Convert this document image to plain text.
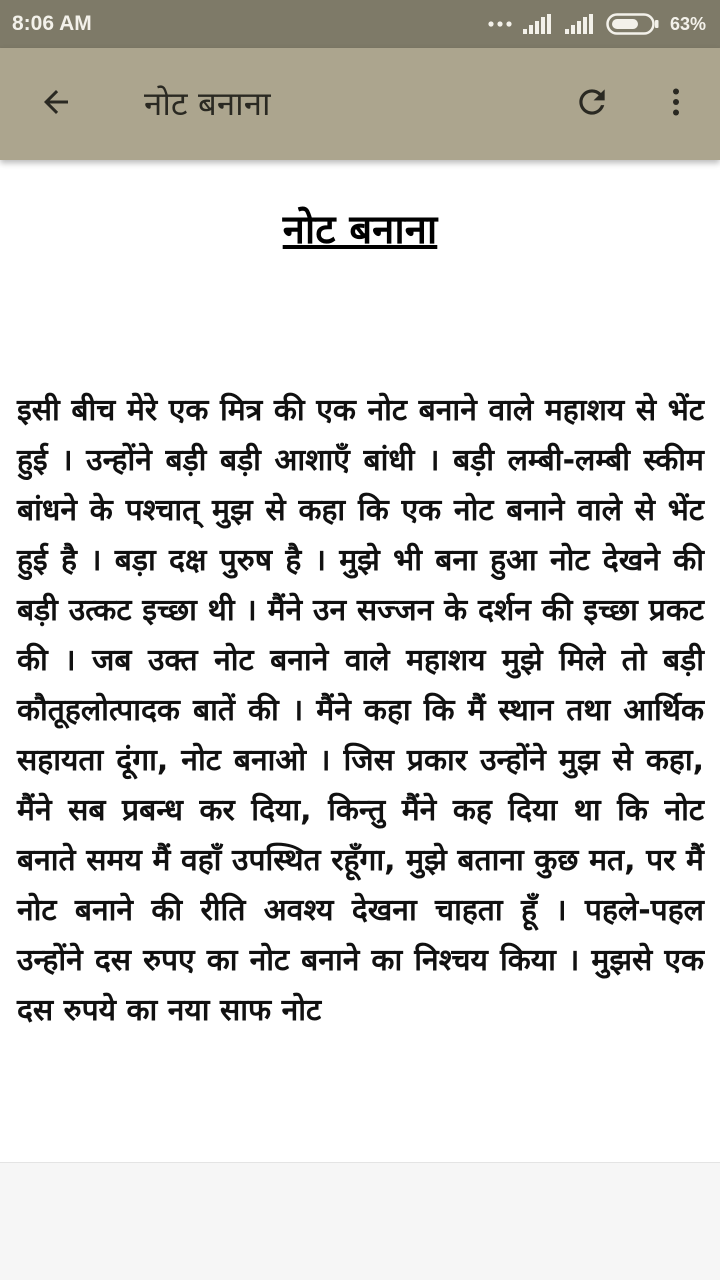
8:06 AM	63%
नोट बनाना
नोट बनाना
इसी बीच मेरे एक मित्र की एक नोट बनाने वाले महाशय से भेंट हुई । उन्होंने बड़ी बड़ी आशाएँ बांधी । बड़ी लम्बी-लम्बी स्कीम बांधने के पश्चात् मुझ से कहा कि एक नोट बनाने वाले से भेंट हुई है । बड़ा दक्ष पुरुष है । मुझे भी बना हुआ नोट देखने की बड़ी उत्कट इच्छा थी । मैंने उन सज्जन के दर्शन की इच्छा प्रकट की । जब उक्त नोट बनाने वाले महाशय मुझे मिले तो बड़ी कौतूहलोत्पादक बातें की । मैंने कहा कि मैं स्थान तथा आर्थिक सहायता दूंगा, नोट बनाओ । जिस प्रकार उन्होंने मुझ से कहा, मैंने सब प्रबन्ध कर दिया, किन्तु मैंने कह दिया था कि नोट बनाते समय मैं वहाँ उपस्थित रहूँगा, मुझे बताना कुछ मत, पर मैं नोट बनाने की रीति अवश्य देखना चाहता हूँ । पहले-पहल उन्होंने दस रुपए का नोट बनाने का निश्चय किया । मुझसे एक दस रुपये का नया साफ नोट
